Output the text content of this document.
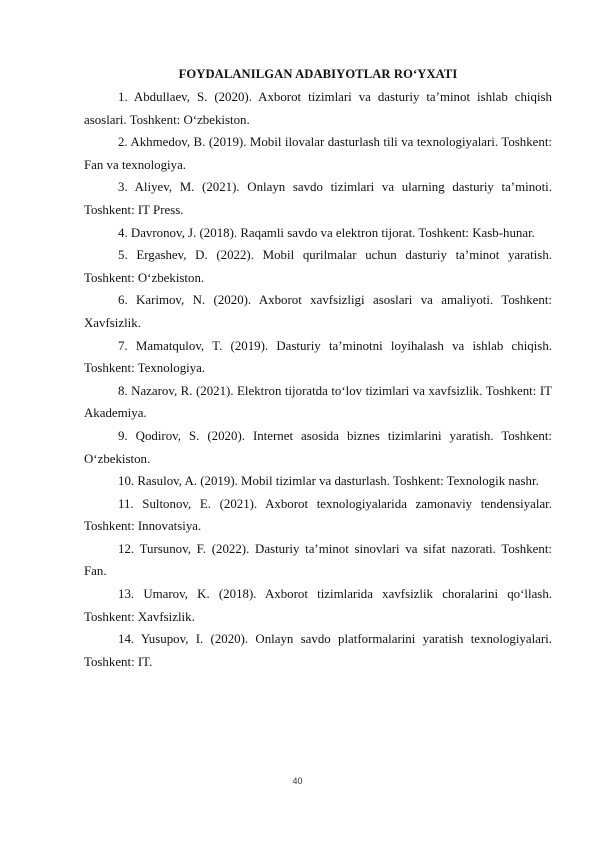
FOYDALANILGAN ADABIYOTLAR RO‘YXATI

1. Abdullaev, S. (2020). Axborot tizimlari va dasturiy taʼminot ishlab chiqish asoslari. Toshkent: Oʻzbekiston.

2. Akhmedov, B. (2019). Mobil ilovalar dasturlash tili va texnologiyalari. Toshkent: Fan va texnologiya.

3. Aliyev, M. (2021). Onlayn savdo tizimlari va ularning dasturiy taʼminoti. Toshkent: IT Press.

4. Davronov, J. (2018). Raqamli savdo va elektron tijorat. Toshkent: Kasb-hunar.

5. Ergashev, D. (2022). Mobil qurilmalar uchun dasturiy taʼminot yaratish. Toshkent: Oʻzbekiston.

6. Karimov, N. (2020). Axborot xavfsizligi asoslari va amaliyoti. Toshkent: Xavfsizlik.

7. Mamatqulov, T. (2019). Dasturiy taʼminotni loyihalash va ishlab chiqish. Toshkent: Texnologiya.

8. Nazarov, R. (2021). Elektron tijoratda toʻlov tizimlari va xavfsizlik. Toshkent: IT Akademiya.

9. Qodirov, S. (2020). Internet asosida biznes tizimlarini yaratish. Toshkent: Oʻzbekiston.

10. Rasulov, A. (2019). Mobil tizimlar va dasturlash. Toshkent: Texnologik nashr.

11. Sultonov, E. (2021). Axborot texnologiyalarida zamonaviy tendensiyalar. Toshkent: Innovatsiya.

12. Tursunov, F. (2022). Dasturiy taʼminot sinovlari va sifat nazorati. Toshkent: Fan.

13. Umarov, K. (2018). Axborot tizimlarida xavfsizlik choralarini qoʻllash. Toshkent: Xavfsizlik.

14. Yusupov, I. (2020). Onlayn savdo platformalarini yaratish texnologiyalari. Toshkent: IT.

40
